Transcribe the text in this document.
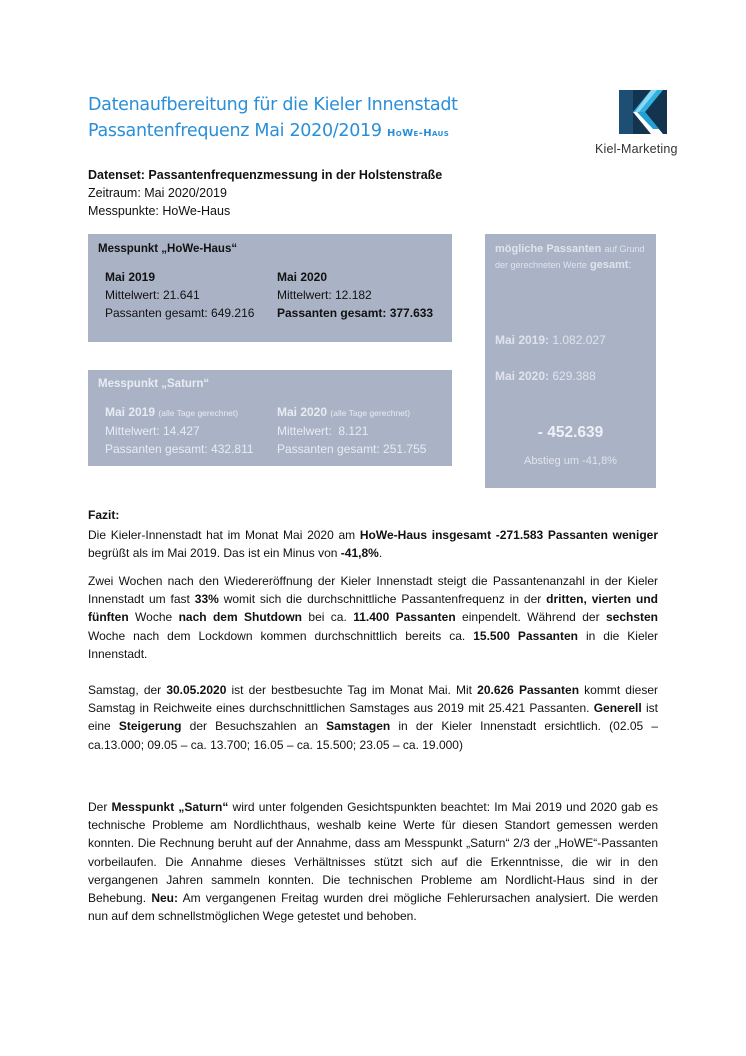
Datenaufbereitung für die Kieler Innenstadt
Passantenfrequenz Mai 2020/2019 HoWe-Haus
Kiel-Marketing
Datenset: Passantenfrequenzmessung in der Holstenstraße
Zeitraum: Mai 2020/2019
Messpunkte: HoWe-Haus
Messpunkt „HoWe-Haus“
Mai 2019
Mittelwert: 21.641
Passanten gesamt: 649.216
Mai 2020
Mittelwert: 12.182
Passanten gesamt: 377.633
Messpunkt „Saturn“
Mai 2019 (alle Tage gerechnet)
Mittelwert: 14.427
Passanten gesamt: 432.811
Mai 2020 (alle Tage gerechnet)
Mittelwert:  8.121
Passanten gesamt: 251.755
mögliche Passanten auf Grund der gerechneten Werte gesamt:
Mai 2019: 1.082.027
Mai 2020: 629.388
- 452.639
Abstieg um -41,8%
Fazit:
Die Kieler-Innenstadt hat im Monat Mai 2020 am HoWe-Haus insgesamt -271.583 Passanten weniger begrüßt als im Mai 2019. Das ist ein Minus von -41,8%.
Zwei Wochen nach den Wiedereröffnung der Kieler Innenstadt steigt die Passantenanzahl in der Kieler Innenstadt um fast 33% womit sich die durchschnittliche Passantenfrequenz in der dritten, vierten und fünften Woche nach dem Shutdown bei ca. 11.400 Passanten einpendelt. Während der sechsten Woche nach dem Lockdown kommen durchschnittlich bereits ca. 15.500 Passanten in die Kieler Innenstadt.
Samstag, der 30.05.2020 ist der bestbesuchte Tag im Monat Mai. Mit 20.626 Passanten kommt dieser Samstag in Reichweite eines durchschnittlichen Samstages aus 2019 mit 25.421 Passanten. Generell ist eine Steigerung der Besuchszahlen an Samstagen in der Kieler Innenstadt ersichtlich. (02.05 – ca.13.000; 09.05 – ca. 13.700; 16.05 – ca. 15.500; 23.05 – ca. 19.000)
Der Messpunkt „Saturn“ wird unter folgenden Gesichtspunkten beachtet: Im Mai 2019 und 2020 gab es technische Probleme am Nordlichthaus, weshalb keine Werte für diesen Standort gemessen werden konnten. Die Rechnung beruht auf der Annahme, dass am Messpunkt „Saturn“ 2/3 der „HoWE“-Passanten vorbeilaufen. Die Annahme dieses Verhältnisses stützt sich auf die Erkenntnisse, die wir in den vergangenen Jahren sammeln konnten. Die technischen Probleme am Nordlicht-Haus sind in der Behebung. Neu: Am vergangenen Freitag wurden drei mögliche Fehlerursachen analysiert. Die werden nun auf dem schnellstmöglichen Wege getestet und behoben.
